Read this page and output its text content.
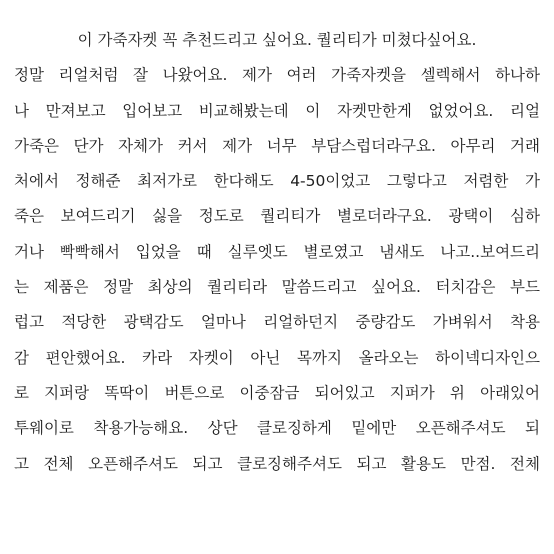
이 가죽자켓 꼭 추천드리고 싶어요. 퀄리티가 미쳤다싶어요.
정말 리얼처럼 잘 나왔어요. 제가 여러 가죽자켓을 셀렉해서 하나하
나 만져보고 입어보고 비교해봤는데 이 자켓만한게 없었어요. 리얼
가죽은 단가 자체가 커서 제가 너무 부담스럽더라구요. 아무리 거래
처에서 정해준 최저가로 한다해도 4-50이었고 그렇다고 저렴한 가
죽은 보여드리기 싫을 정도로 퀄리티가 별로더라구요. 광택이 심하
거나 빡빡해서 입었을 때 실루엣도 별로였고 냄새도 나고..보여드리
는 제품은 정말 최상의 퀄리티라 말씀드리고 싶어요. 터치감은 부드
럽고 적당한 광택감도 얼마나 리얼하던지 중량감도 가벼워서 착용
감 편안했어요. 카라 자켓이 아닌 목까지 올라오는 하이넥디자인으
로 지퍼랑 똑딱이 버튼으로 이중잠금 되어있고 지퍼가 위 아래있어
투웨이로 착용가능해요. 상단 클로징하게 밑에만 오픈해주셔도 되
고 전체 오픈해주셔도 되고 클로징해주셔도 되고 활용도 만점. 전체
